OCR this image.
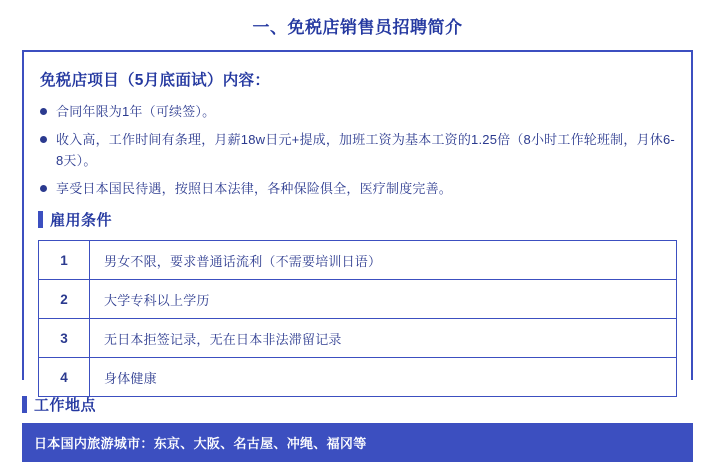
一、免税店销售员招聘简介
免税店项目（5月底面试）内容：
合同年限为1年（可续签）。
收入高，工作时间有条理，月薪18w日元+提成，加班工资为基本工资的1.25倍（8小时工作轮班制，月休6-8天）。
享受日本国民待遇，按照日本法律，各种保险俱全，医疗制度完善。
雇用条件
1	男女不限，要求普通话流利（不需要培训日语）
2	大学专科以上学历
3	无日本拒签记录，无在日本非法滞留记录
4	身体健康
工作地点
日本国内旅游城市：东京、大阪、名古屋、冲绳、福冈等
